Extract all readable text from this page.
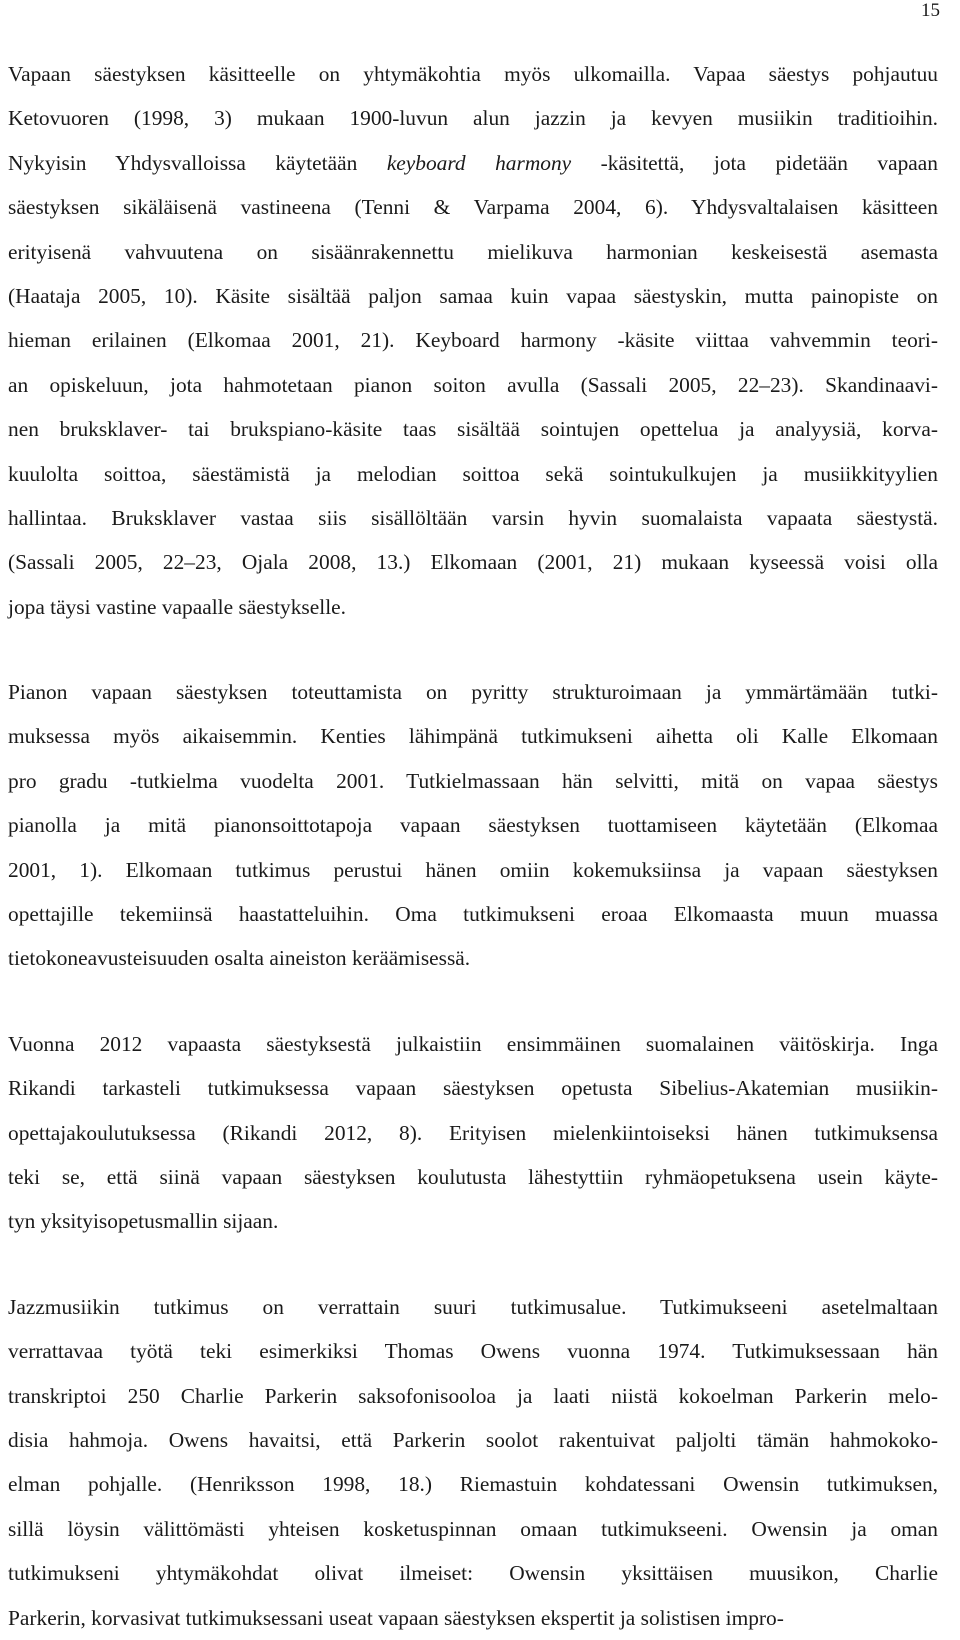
15
Vapaan säestyksen käsitteelle on yhtymäkohtia myös ulkomailla. Vapaa säestys pohjautuu
Ketovuoren (1998, 3) mukaan 1900-luvun alun jazzin ja kevyen musiikin traditioihin.
Nykyisin Yhdysvalloissa käytetään keyboard harmony -käsitettä, jota pidetään vapaan
säestyksen sikäläisenä vastineena (Tenni & Varpama 2004, 6). Yhdysvaltalaisen käsitteen
erityisenä vahvuutena on sisäänrakennettu mielikuva harmonian keskeisestä asemasta
(Haataja 2005, 10). Käsite sisältää paljon samaa kuin vapaa säestyskin, mutta painopiste on
hieman erilainen (Elkomaa 2001, 21). Keyboard harmony -käsite viittaa vahvemmin teori-
an opiskeluun, jota hahmotetaan pianon soiton avulla (Sassali 2005, 22–23). Skandinaavi-
nen bruksklaver- tai brukspiano-käsite taas sisältää sointujen opettelua ja analyysiä, korva-
kuulolta soittoa, säestämistä ja melodian soittoa sekä sointukulkujen ja musiikkityylien
hallintaa. Bruksklaver vastaa siis sisällöltään varsin hyvin suomalaista vapaata säestystä.
(Sassali 2005, 22–23, Ojala 2008, 13.) Elkomaan (2001, 21) mukaan kyseessä voisi olla
jopa täysi vastine vapaalle säestykselle.
Pianon vapaan säestyksen toteuttamista on pyritty strukturoimaan ja ymmärtämään tutki-
muksessa myös aikaisemmin. Kenties lähimpänä tutkimukseni aihetta oli Kalle Elkomaan
pro gradu -tutkielma vuodelta 2001. Tutkielmassaan hän selvitti, mitä on vapaa säestys
pianolla ja mitä pianonsoittotapoja vapaan säestyksen tuottamiseen käytetään (Elkomaa
2001, 1). Elkomaan tutkimus perustui hänen omiin kokemuksiinsa ja vapaan säestyksen
opettajille tekemiinsä haastatteluihin. Oma tutkimukseni eroaa Elkomaasta muun muassa
tietokoneavusteisuuden osalta aineiston keräämisessä.
Vuonna 2012 vapaasta säestyksestä julkaistiin ensimmäinen suomalainen väitöskirja. Inga
Rikandi tarkasteli tutkimuksessa vapaan säestyksen opetusta Sibelius-Akatemian musiikin-
opettajakoulutuksessa (Rikandi 2012, 8). Erityisen mielenkiintoiseksi hänen tutkimuksensa
teki se, että siinä vapaan säestyksen koulutusta lähestyttiin ryhmäopetuksena usein käyte-
tyn yksityisopetusmallin sijaan.
Jazzmusiikin tutkimus on verrattain suuri tutkimusalue. Tutkimukseeni asetelmaltaan
verrattavaa työtä teki esimerkiksi Thomas Owens vuonna 1974. Tutkimuksessaan hän
transkriptoi 250 Charlie Parkerin saksofonisooloa ja laati niistä kokoelman Parkerin melo-
disia hahmoja. Owens havaitsi, että Parkerin soolot rakentuivat paljolti tämän hahmokoko-
elman pohjalle. (Henriksson 1998, 18.) Riemastuin kohdatessani Owensin tutkimuksen,
sillä löysin välittömästi yhteisen kosketuspinnan omaan tutkimukseeni. Owensin ja oman
tutkimukseni yhtymäkohdat olivat ilmeiset: Owensin yksittäisen muusikon, Charlie
Parkerin, korvasivat tutkimuksessani useat vapaan säestyksen ekspertit ja solistisen impro-
